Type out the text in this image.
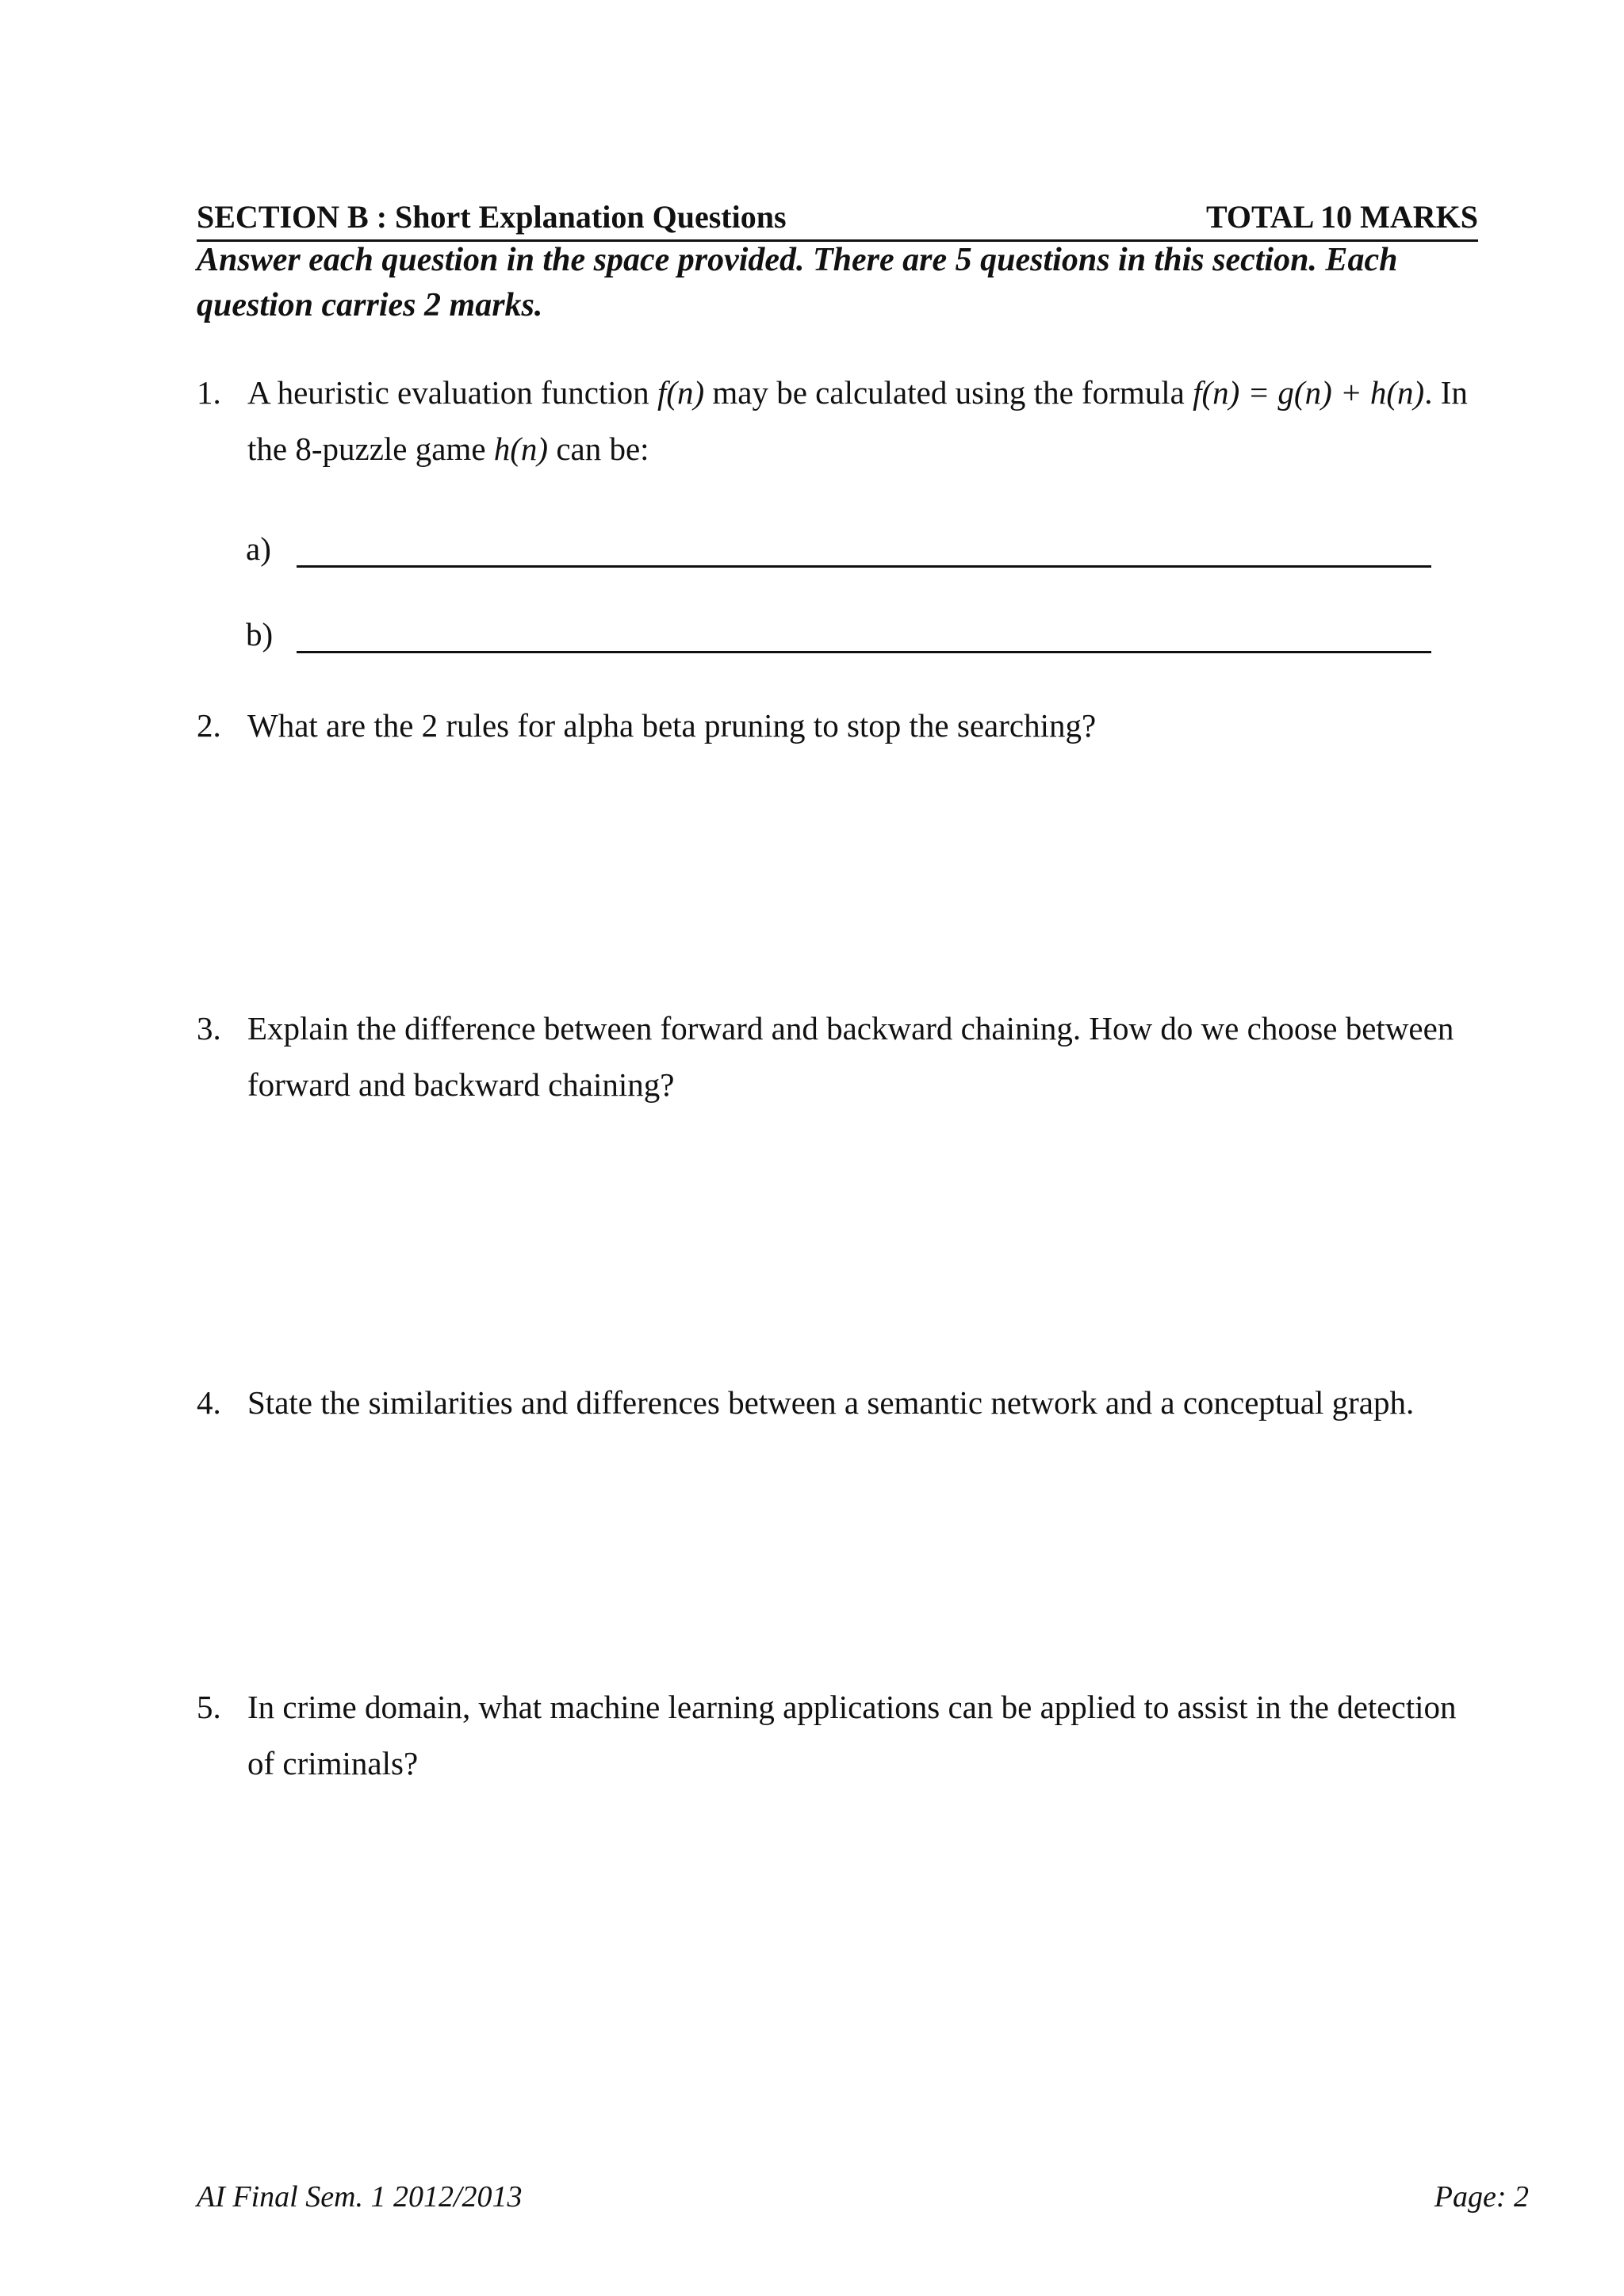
SECTION B : Short Explanation Questions	TOTAL 10 MARKS
Answer each question in the space provided. There are 5 questions in this section. Each question carries 2 marks.
1. A heuristic evaluation function f(n) may be calculated using the formula f(n) = g(n) + h(n). In the 8-puzzle game h(n) can be:
a)
b)
2. What are the 2 rules for alpha beta pruning to stop the searching?
3. Explain the difference between forward and backward chaining. How do we choose between forward and backward chaining?
4. State the similarities and differences between a semantic network and a conceptual graph.
5. In crime domain, what machine learning applications can be applied to assist in the detection of criminals?
AI Final Sem. 1 2012/2013	Page: 2
